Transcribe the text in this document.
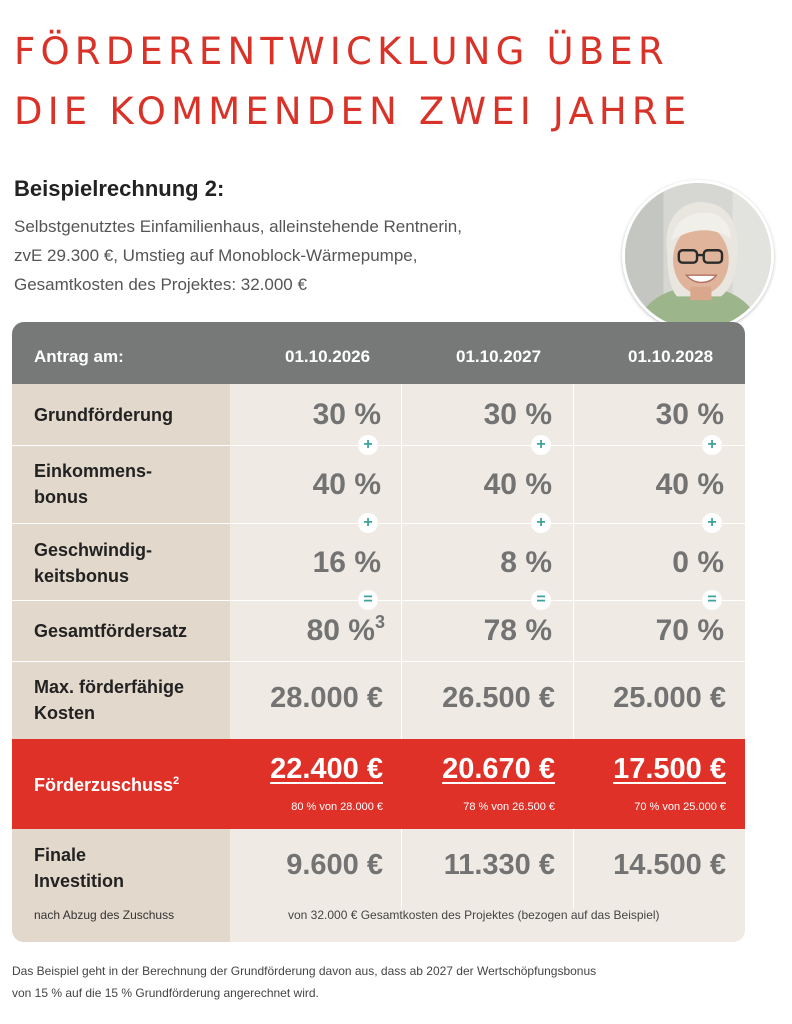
FÖRDERENTWICKLUNG ÜBER
DIE KOMMENDEN ZWEI JAHRE
Beispielrechnung 2:
Selbstgenutztes Einfamilienhaus, alleinstehende Rentnerin,
zvE 29.300 €, Umstieg auf Monoblock-Wärmepumpe,
Gesamtkosten des Projektes: 32.000 €
Antrag am:	01.10.2026	01.10.2027	01.10.2028
Grundförderung	30 %	30 %	30 %
+	+	+
Einkommens-
bonus	40 %	40 %	40 %
+	+	+
Geschwindig-
keitsbonus	16 %	8 %	0 %
=	=	=
Gesamtfördersatz	80 %$^3$	78 %	70 %
Max. förderfähige
Kosten	28.000 € 26.500 € 25.000 €
Förderzuschuss$^2$	22.400 € 20.670 € 17.500 €
80 % von 28.000 €	78 % von 26.500 €	70 % von 25.000 €
Finale
Investition	9.600 € 11.330 € 14.500 €
nach Abzug des Zuschuss	von 32.000 € Gesamtkosten des Projektes (bezogen auf das Beispiel)
Das Beispiel geht in der Berechnung der Grundförderung davon aus, dass ab 2027 der Wertschöpfungsbonus
von 15 % auf die 15 % Grundförderung angerechnet wird.
